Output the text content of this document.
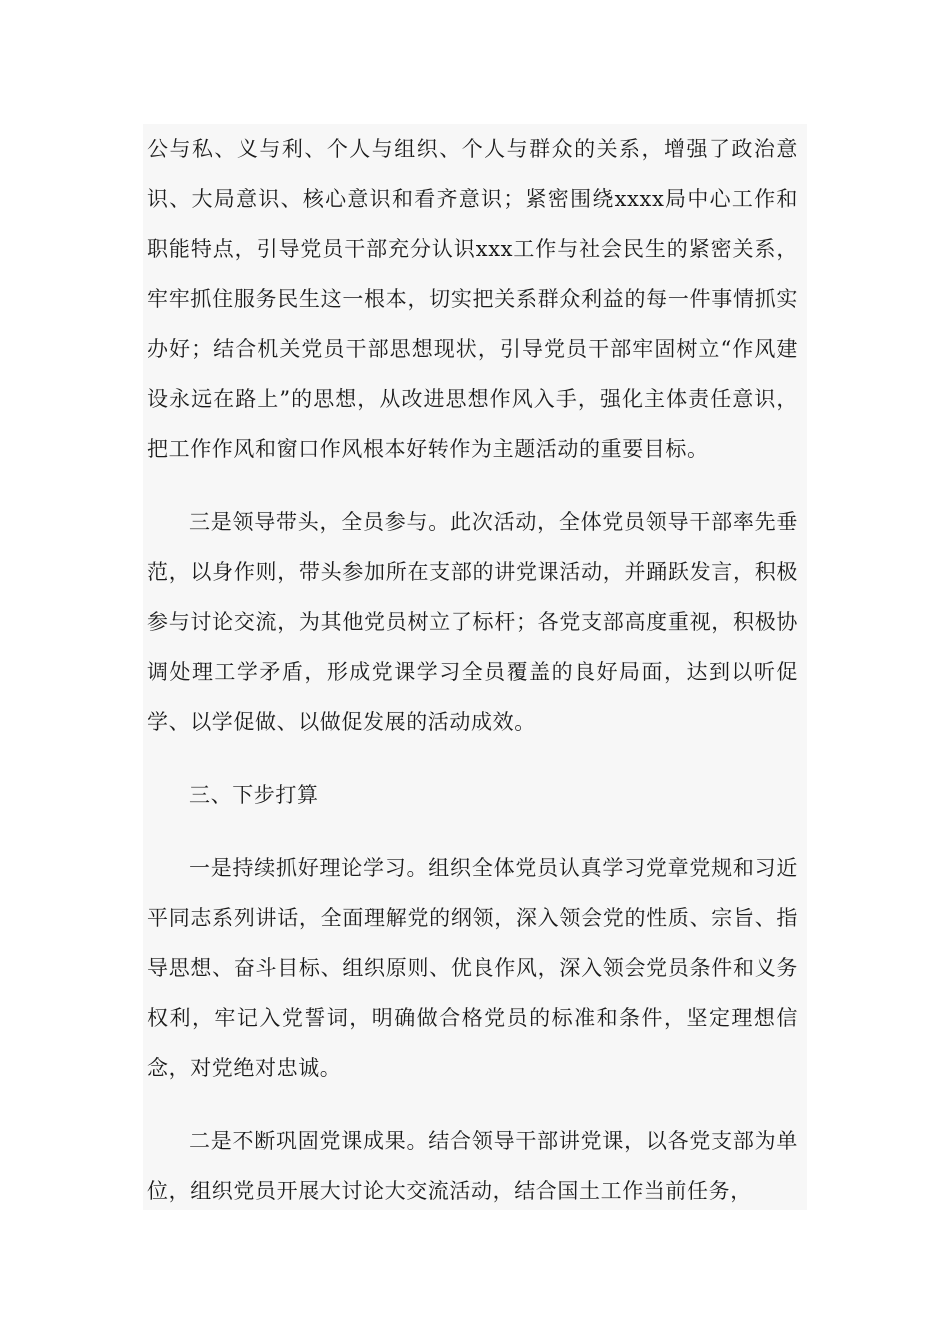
公与私、义与利、个人与组织、个人与群众的关系，增强了政治意识、大局意识、核心意识和看齐意识；紧密围绕xxxx局中心工作和职能特点，引导党员干部充分认识xxx工作与社会民生的紧密关系，牢牢抓住服务民生这一根本，切实把关系群众利益的每一件事情抓实办好；结合机关党员干部思想现状，引导党员干部牢固树立“作风建设永远在路上”的思想，从改进思想作风入手，强化主体责任意识，把工作作风和窗口作风根本好转作为主题活动的重要目标。

三是领导带头，全员参与。此次活动，全体党员领导干部率先垂范，以身作则，带头参加所在支部的讲党课活动，并踊跃发言，积极参与讨论交流，为其他党员树立了标杆；各党支部高度重视，积极协调处理工学矛盾，形成党课学习全员覆盖的良好局面，达到以听促学、以学促做、以做促发展的活动成效。

三、下步打算

一是持续抓好理论学习。组织全体党员认真学习党章党规和习近平同志系列讲话，全面理解党的纲领，深入领会党的性质、宗旨、指导思想、奋斗目标、组织原则、优良作风，深入领会党员条件和义务权利，牢记入党誓词，明确做合格党员的标准和条件，坚定理想信念，对党绝对忠诚。

二是不断巩固党课成果。结合领导干部讲党课，以各党支部为单位，组织党员开展大讨论大交流活动，结合国土工作当前任务，
